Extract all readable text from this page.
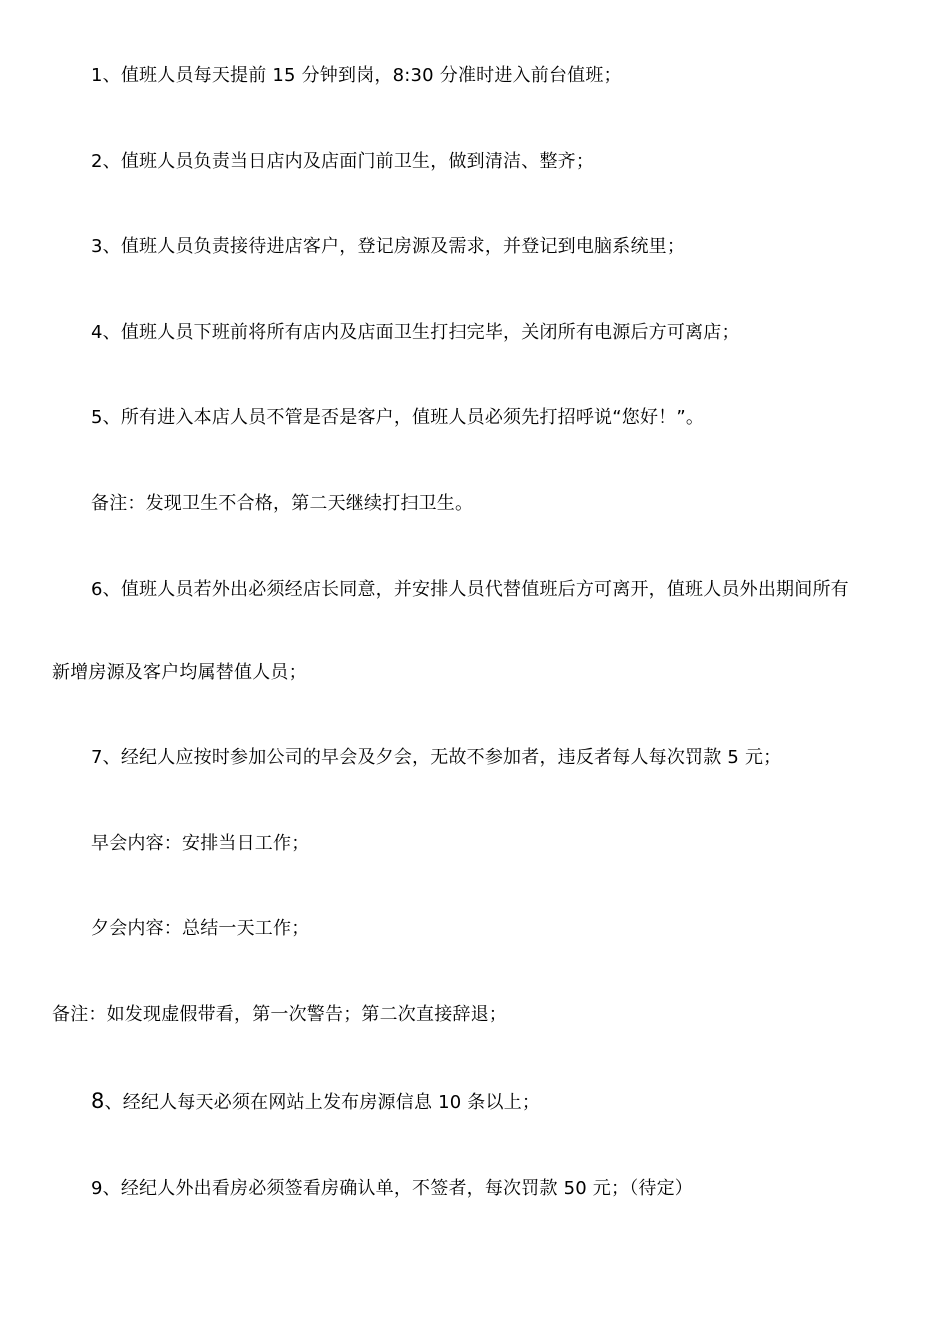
1、值班人员每天提前 15 分钟到岗，8:30 分准时进入前台值班；
2、值班人员负责当日店内及店面门前卫生，做到清洁、整齐；
3、值班人员负责接待进店客户，登记房源及需求，并登记到电脑系统里；
4、值班人员下班前将所有店内及店面卫生打扫完毕，关闭所有电源后方可离店；
5、所有进入本店人员不管是否是客户，值班人员必须先打招呼说“您好！”。
备注：发现卫生不合格，第二天继续打扫卫生。
6、值班人员若外出必须经店长同意，并安排人员代替值班后方可离开，值班人员外出期间所有
新增房源及客户均属替值人员；
7、经纪人应按时参加公司的早会及夕会，无故不参加者，违反者每人每次罚款 5 元；
早会内容：安排当日工作；
夕会内容：总结一天工作；
备注：如发现虚假带看，第一次警告；第二次直接辞退；
8、经纪人每天必须在网站上发布房源信息 10 条以上；
9、经纪人外出看房必须签看房确认单，不签者，每次罚款 50 元；（待定）
